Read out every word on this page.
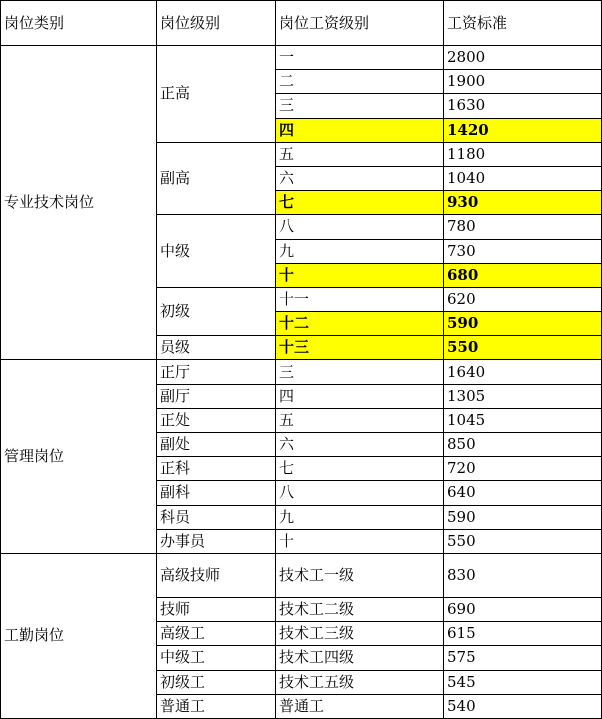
岗位类别	岗位级别	岗位工资级别	工资标准
专业技术岗位	正高	一	2800
		二	1900
		三	1630
		四	1420
	副高	五	1180
		六	1040
		七	930
	中级	八	780
		九	730
		十	680
	初级	十一	620
		十二	590
	员级	十三	550
管理岗位	正厅	三	1640
	副厅	四	1305
	正处	五	1045
	副处	六	850
	正科	七	720
	副科	八	640
	科员	九	590
	办事员	十	550
工勤岗位	高级技师	技术工一级	830
	技师	技术工二级	690
	高级工	技术工三级	615
	中级工	技术工四级	575
	初级工	技术工五级	545
	普通工	普通工	540
